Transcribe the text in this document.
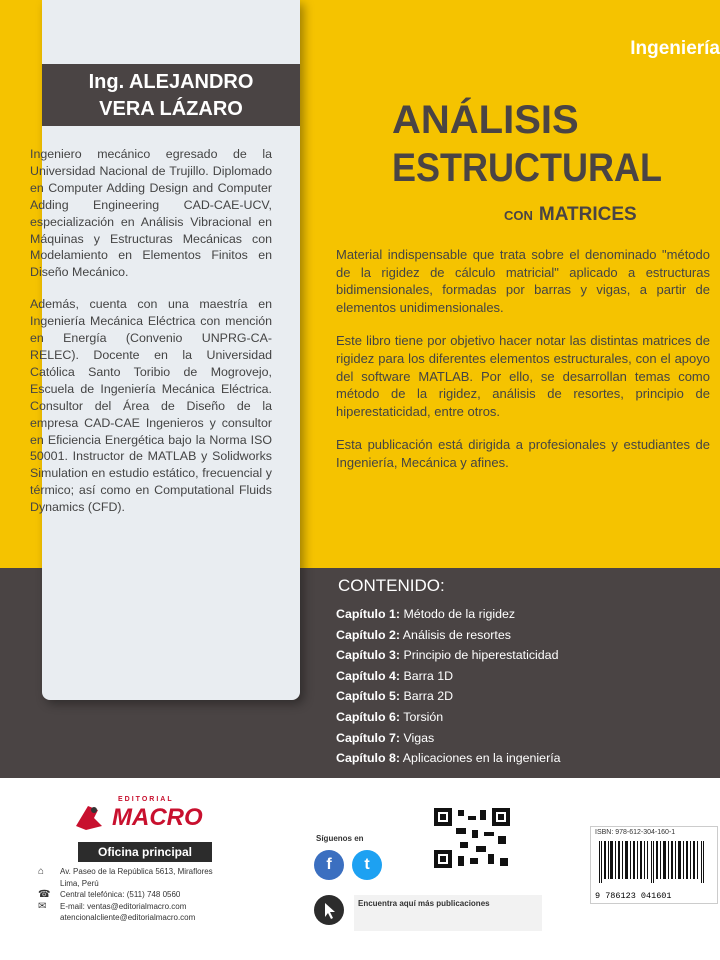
Ingeniería
Ing. ALEJANDRO
VERA LÁZARO

Ingeniero mecánico egresado de la Universidad Nacional de Trujillo. Diplomado en Computer Adding Design and Computer Adding Engineering CAD-CAE-UCV, especialización en Análisis Vibracional en Máquinas y Estructuras Mecánicas con Modelamiento en Elementos Finitos en Diseño Mecánico.

Además, cuenta con una maestría en Ingeniería Mecánica Eléctrica con mención en Energía (Convenio UNPRG-CA-RELEC). Docente en la Universidad Católica Santo Toribio de Mogrovejo, Escuela de Ingeniería Mecánica Eléctrica. Consultor del Área de Diseño de la empresa CAD-CAE Ingenieros y consultor en Eficiencia Energética bajo la Norma ISO 50001. Instructor de MATLAB y Solidworks Simulation en estudio estático, frecuencial y térmico; así como en Computational Fluids Dynamics (CFD).

ANÁLISIS
ESTRUCTURAL
CON MATRICES

Material indispensable que trata sobre el denominado "método de la rigidez de cálculo matricial" aplicado a estructuras bidimensionales, formadas por barras y vigas, a partir de elementos unidimensionales.

Este libro tiene por objetivo hacer notar las distintas matrices de rigidez para los diferentes elementos estructurales, con el apoyo del software MATLAB. Por ello, se desarrollan temas como método de la rigidez, análisis de resortes, principio de hiperestaticidad, entre otros.

Esta publicación está dirigida a profesionales y estudiantes de Ingeniería, Mecánica y afines.

CONTENIDO:
Capítulo 1: Método de la rigidez
Capítulo 2: Análisis de resortes
Capítulo 3: Principio de hiperestaticidad
Capítulo 4: Barra 1D
Capítulo 5: Barra 2D
Capítulo 6: Torsión
Capítulo 7: Vigas
Capítulo 8: Aplicaciones en la ingeniería
EDITORIAL
MACRO
Oficina principal
⌂ Av. Paseo de la República 5613, Miraflores
Lima, Perú
☎ Central telefónica: (511) 748 0560
✉ E-mail: ventas@editorialmacro.com
atencionalcliente@editorialmacro.com
Síguenos en
f	t
Encuentra aquí más publicaciones
ISBN: 978-612-304-160-1
9 786123 041601
